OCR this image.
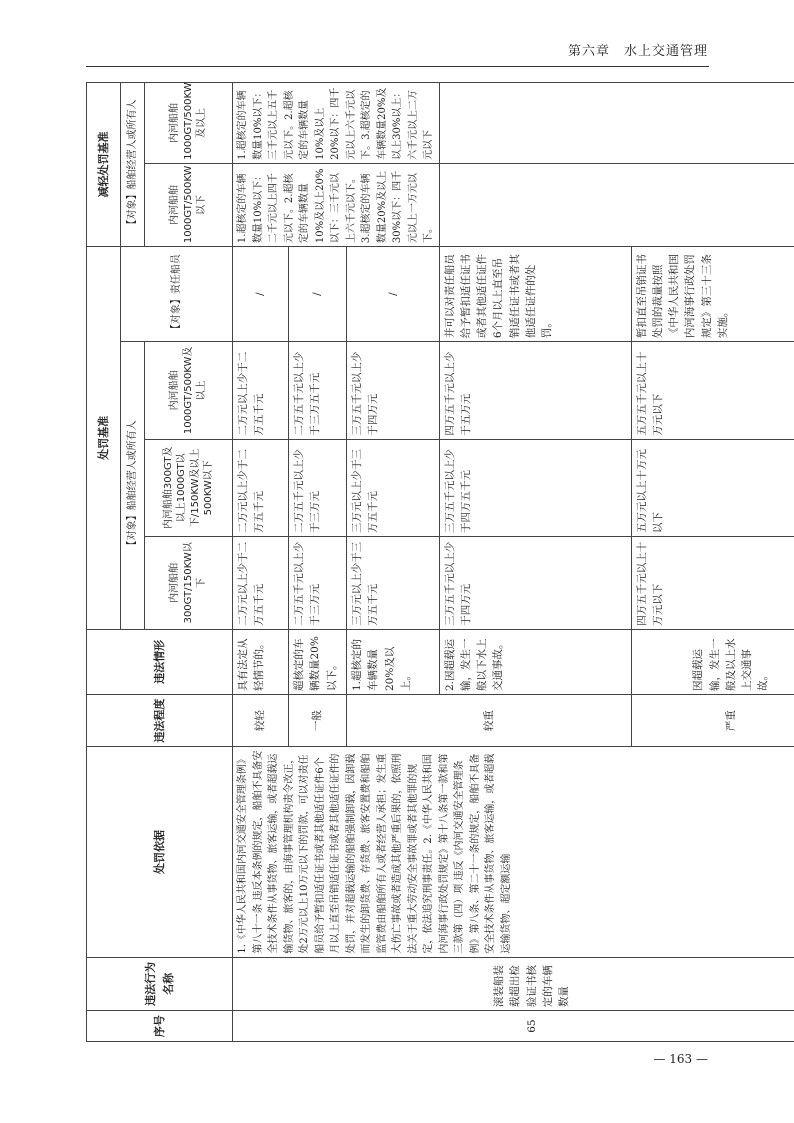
第六章　水上交通管理
序号	违法行为名称	处罚依据	违法程度	违法情形	处罚基准				减轻处罚基准	
					【对象】船舶经营人或所有人			【对象】责任船员	【对象】船舶经营人或所有人	
					内河船舶300GT/150KW以下	内河船舶300GT及以上1000GT以下/150KW及以上500KW以下	内河船舶1000GT/500KW及以上		内河船舶1000GT/500KW以下	内河船舶1000GT/500KW及以上
65	滚装船装载超出检验证书核定的车辆数量	1.《中华人民共和国内河交通安全管理条例》第八十一条 违反本条例的规定，船舶不具备安全技术条件从事货物、旅客运输，或者超载运输货物、旅客的，由海事管理机构责令改正，处2万元以上10万元以下的罚款，可以对责任船员给予暂扣适任证书或者其他适任证件6个月以上直至吊销适任证书或者其他适任证件的处罚，并对超载运输的船舶强制卸载，因卸载而发生的卸货费、存货费、旅客安置费和船舶监管费由船舶所有人或者经营人承担；发生重大伤亡事故或者造成其他严重后果的，依照刑法关于重大劳动安全事故罪或者其他罪的规定，依法追究刑事责任。2.《中华人民共和国内河海事行政处罚规定》第十八条第一款和第三款第（四）项 违反《内河交通安全管理条例》第八条、第二十一条的规定，船舶不具备安全技术条件从事货物、旅客运输，或者超载运输货物、超定额运输	较轻	具有法定从轻情节的。	二万元以上少于二万五千元	二万元以上少于二万五千元	二万元以上少于二万五千元	/	1.超核定的车辆数量10%以下：二千元以上四千元以下。2.超核定的车辆数量10%及以上20%以下：三千元以上六千元以下。3.超核定的车辆数量20%及以上30%以下：四千元以上一万元以下。	1.超核定的车辆数量10%以下：三千元以上五千元以下。2.超核定的车辆数量10%及以上20%以下：四千元以上六千元以下。3.超核定的车辆数量20%及以上30%以上：六千元以上二万元以下
			一般	超核定的车辆数量20%以下。	二万五千元以上少于三万元	二万五千元以上少于三万元	二万五千元以上少于三万五千元	/		
			较重	1.超核定的车辆数量20%及以上。	三万元以上少于三万五千元	三万元以上少于三万五千元	三万五千元以上少于四万元	/		
				2.因超载运输，发生一般以下水上交通事故。	三万五千元以上少于四万元	三万五千元以上少于四万五千元	四万五千元以上少于五万元	并可以对责任船员给予暂扣适任证书或者其他适任证件6个月以上直至吊销适任证书或者其他适任证件的处罚。		
			严重	因超载运输，发生一般及以上水上交通事故。	四万五千元以上十万元以下	五万元以上十万元以下	五万五千元以上十万元以下	暂扣直至吊销证书处罚的裁量按照《中华人民共和国内河海事行政处罚规定》第三十三条实施。		

— 163 —
